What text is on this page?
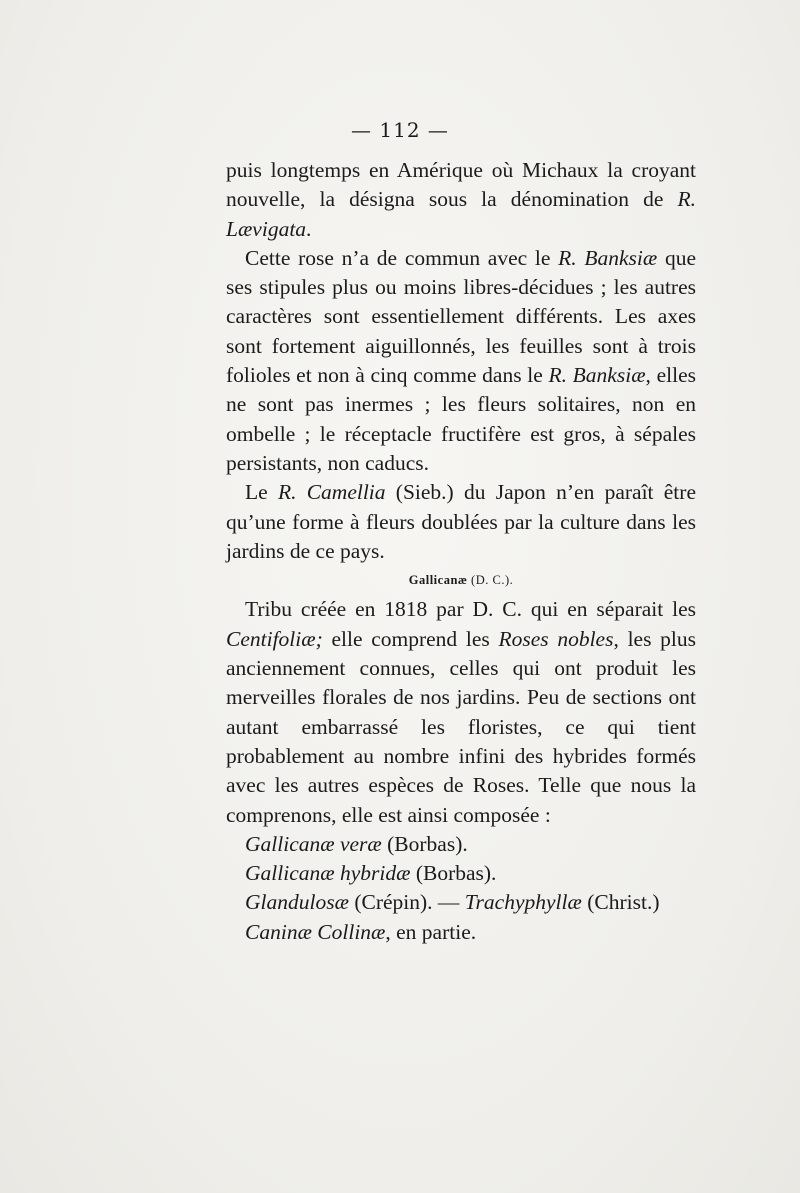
— 112 —

puis longtemps en Amérique où Michaux la croyant nouvelle, la désigna sous la dénomination de R. Lævigata.

Cette rose n’a de commun avec le R. Banksiæ que ses stipules plus ou moins libres-décidues ; les autres caractères sont essentiellement différents. Les axes sont fortement aiguillonnés, les feuilles sont à trois folioles et non à cinq comme dans le R. Banksiæ, elles ne sont pas inermes ; les fleurs solitaires, non en ombelle ; le réceptacle fructifère est gros, à sépales persistants, non caducs.

Le R. Camellia (Sieb.) du Japon n’en paraît être qu’une forme à fleurs doublées par la culture dans les jardins de ce pays.

Gallicanæ (D. C.).

Tribu créée en 1818 par D. C. qui en séparait les Centifoliæ; elle comprend les Roses nobles, les plus anciennement connues, celles qui ont produit les merveilles florales de nos jardins. Peu de sections ont autant embarrassé les floristes, ce qui tient probablement au nombre infini des hybrides formés avec les autres espèces de Roses. Telle que nous la comprenons, elle est ainsi composée :

Gallicanæ veræ (Borbas).
Gallicanæ hybridæ (Borbas).
Glandulosæ (Crépin). — Trachyphyllæ (Christ.)
Caninæ Collinæ, en partie.
